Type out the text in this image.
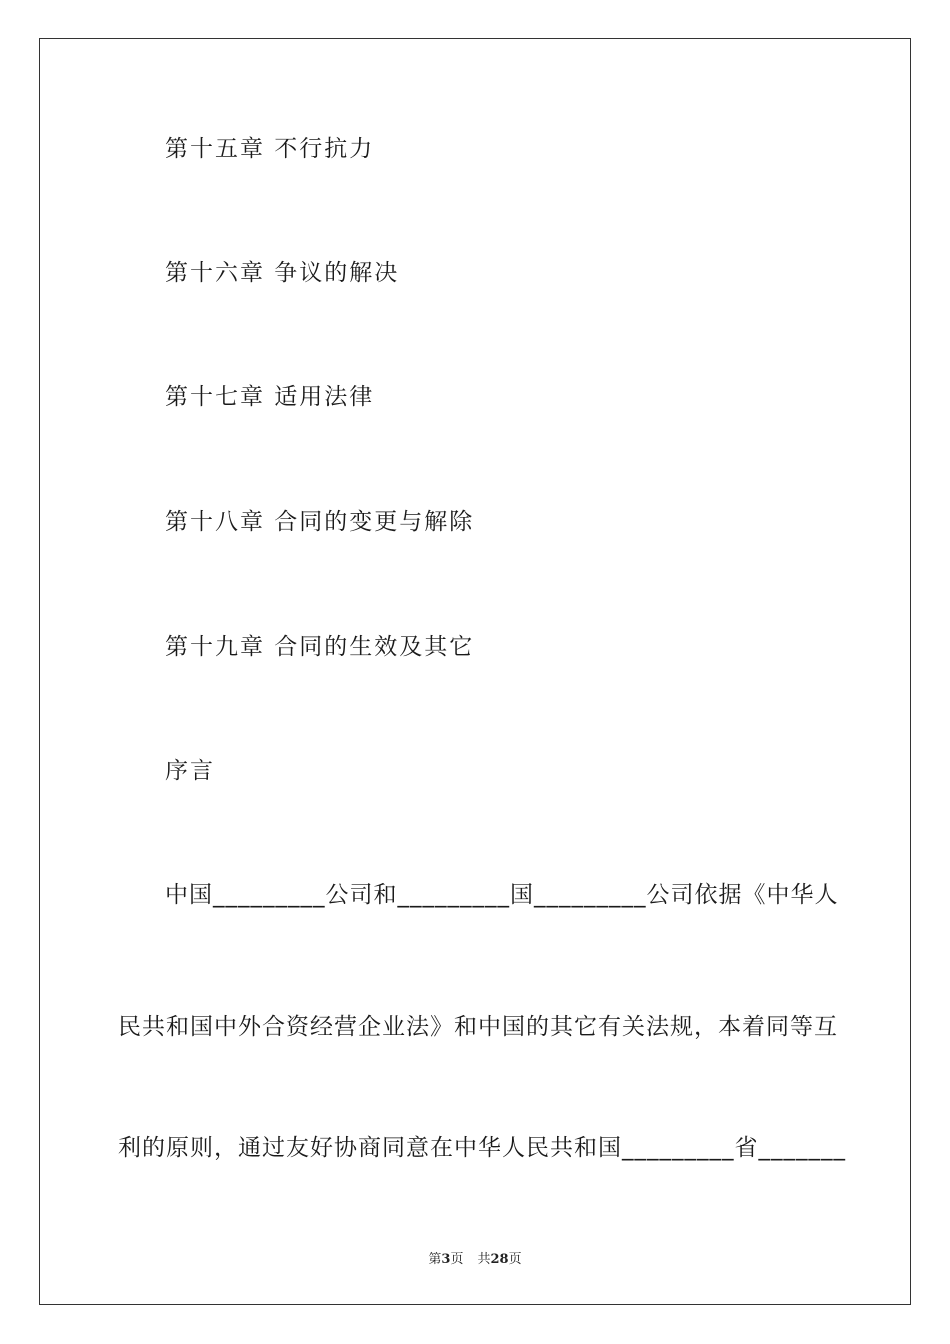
第十五章 不行抗力
第十六章 争议的解决
第十七章 适用法律
第十八章 合同的变更与解除
第十九章 合同的生效及其它
序言
中国_________公司和_________国_________公司依据《中华人
民共和国中外合资经营企业法》和中国的其它有关法规，本着同等互
利的原则，通过友好协商同意在中华人民共和国_________省_______
第3页 共28页
